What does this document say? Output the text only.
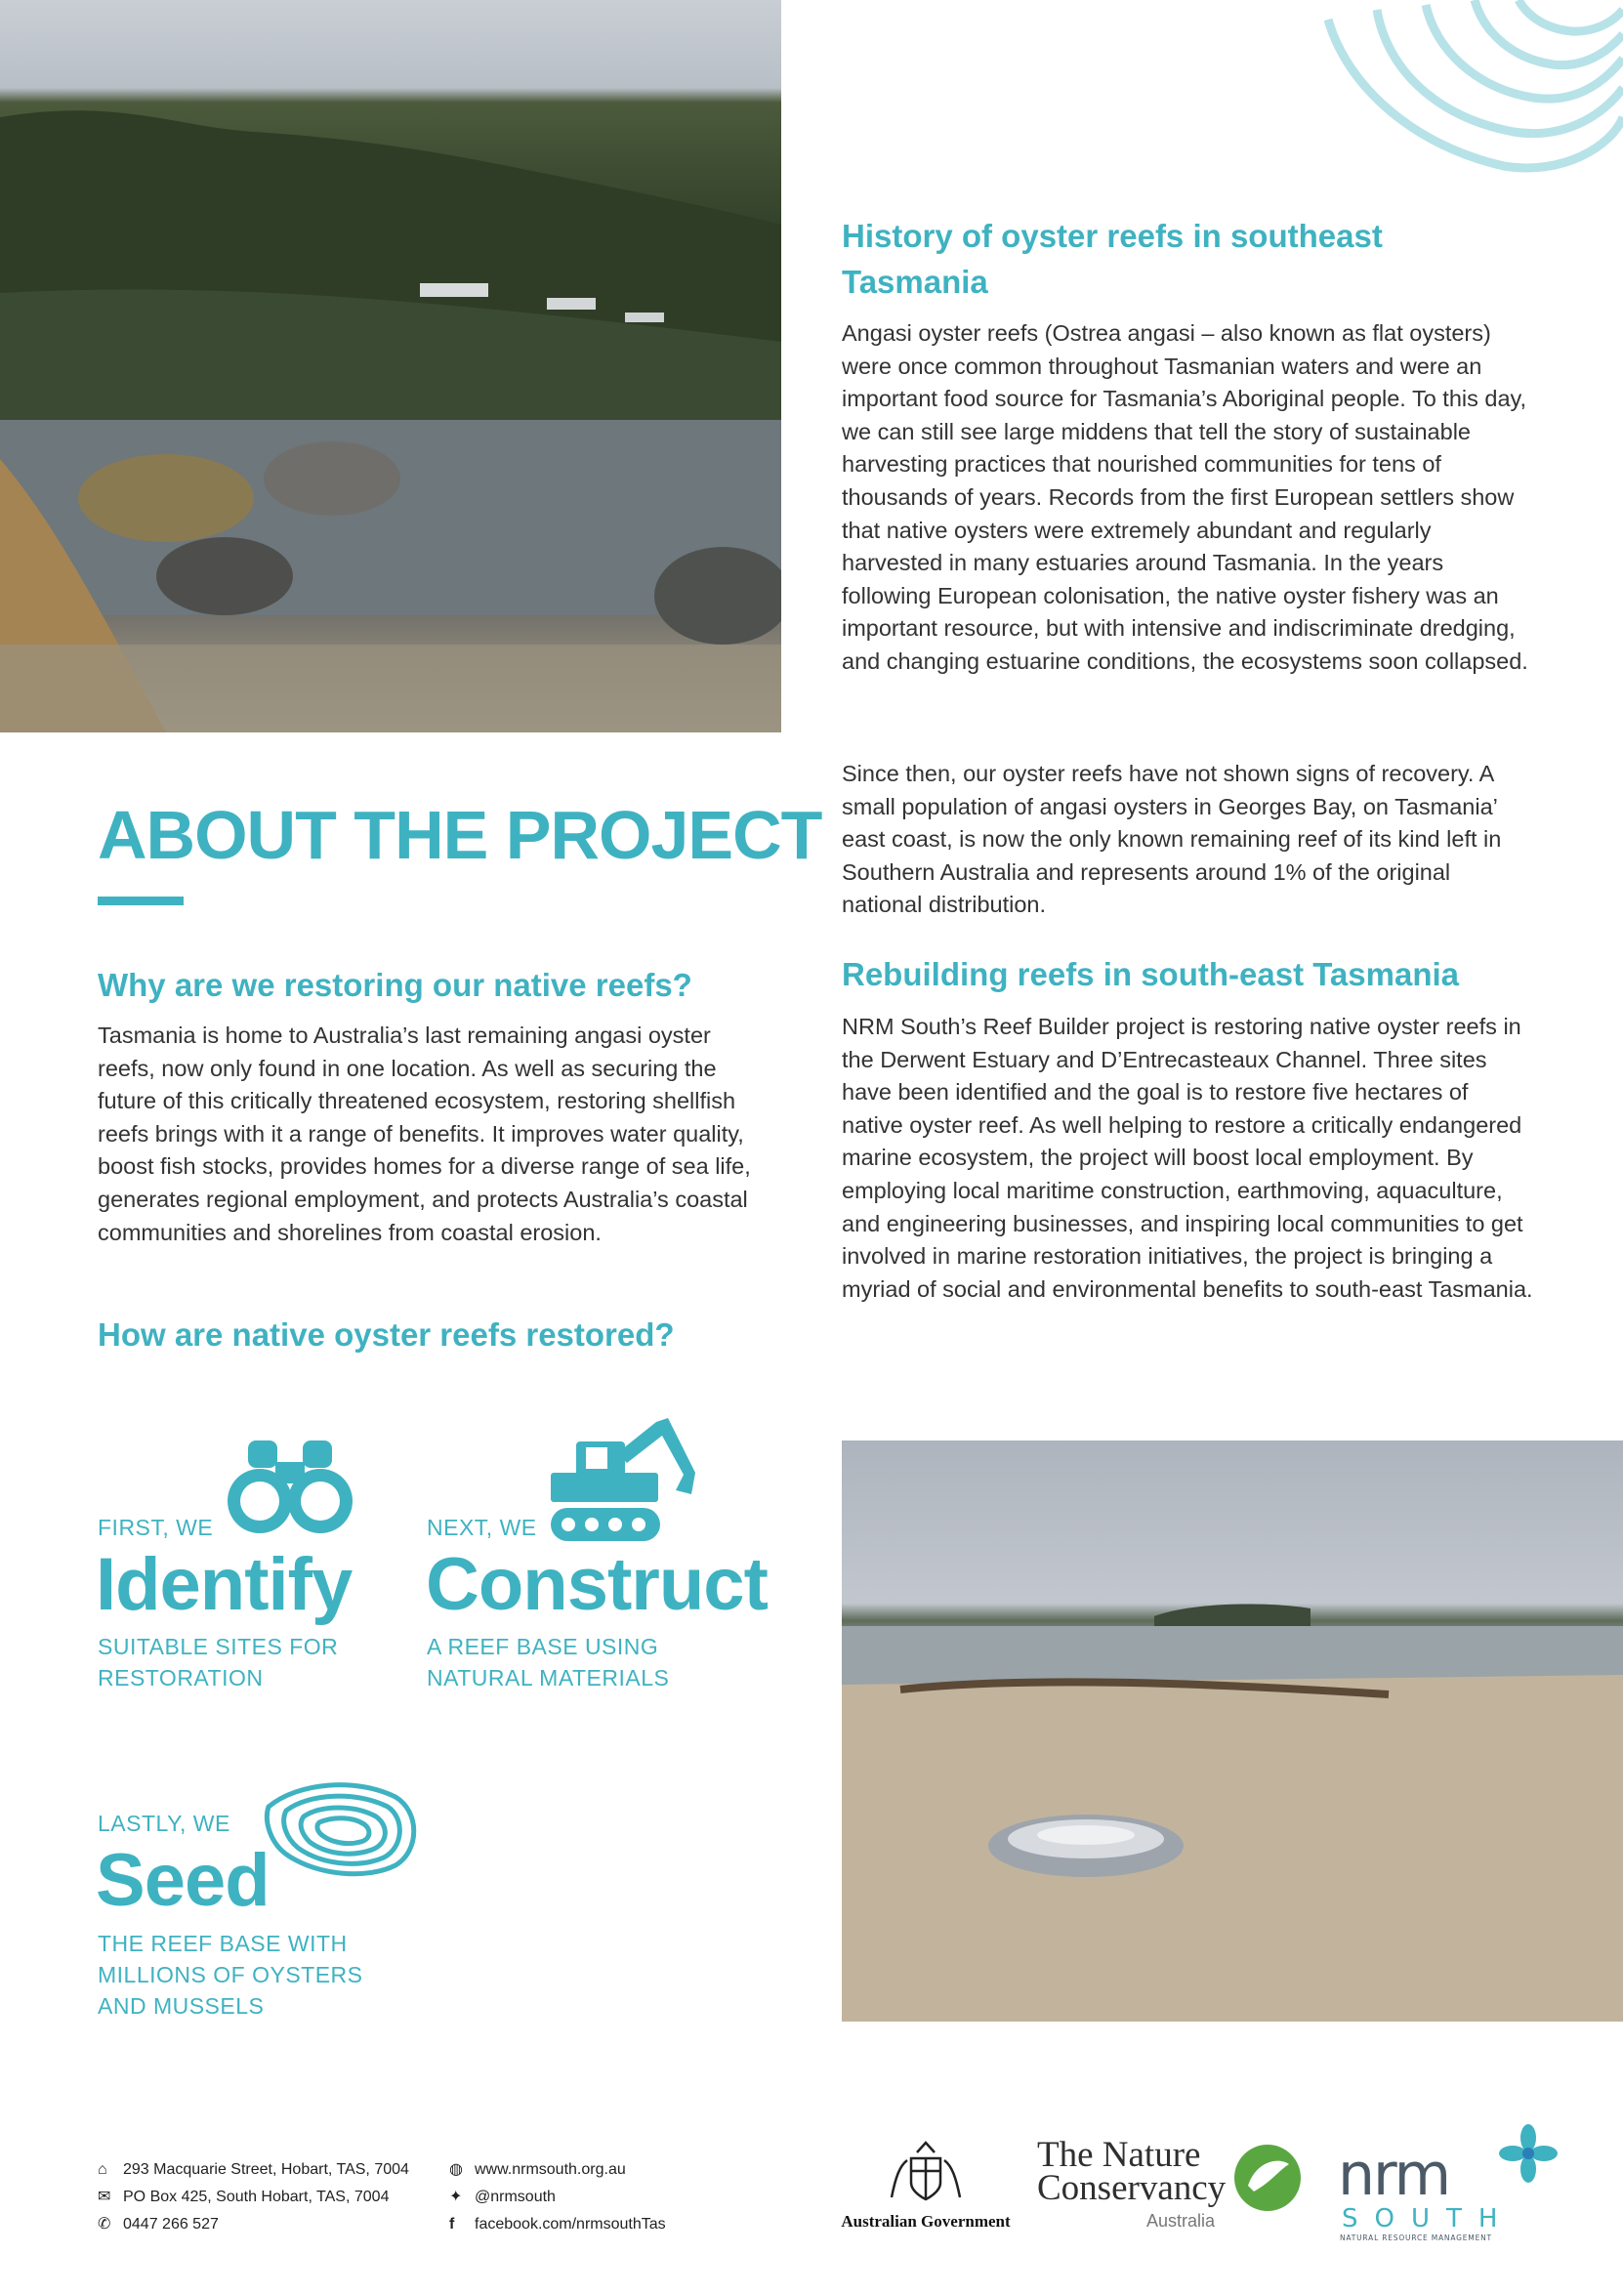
History of oyster reefs in southeast Tasmania

Angasi oyster reefs (Ostrea angasi – also known as flat oysters) were once common throughout Tasmanian waters and were an important food source for Tasmania’s Aboriginal people. To this day, we can still see large middens that tell the story of sustainable harvesting practices that nourished communities for tens of thousands of years. Records from the first European settlers show that native oysters were extremely abundant and regularly harvested in many estuaries around Tasmania. In the years following European colonisation, the native oyster fishery was an important resource, but with intensive and indiscriminate dredging, and changing estuarine conditions, the ecosystems soon collapsed.

Since then, our oyster reefs have not shown signs of recovery. A small population of angasi oysters in Georges Bay, on Tasmania’ east coast, is now the only known remaining reef of its kind left in Southern Australia and represents around 1% of the original national distribution.

Rebuilding reefs in south-east Tasmania

NRM South’s Reef Builder project is restoring native oyster reefs in the Derwent Estuary and D’Entrecasteaux Channel. Three sites have been identified and the goal is to restore five hectares of native oyster reef. As well helping to restore a critically endangered marine ecosystem, the project will boost local employment. By employing local maritime construction, earthmoving, aquaculture, and engineering businesses, and inspiring local communities to get involved in marine restoration initiatives, the project is bringing a myriad of social and environmental benefits to south-east Tasmania.

ABOUT THE PROJECT
Why are we restoring our native reefs?

Tasmania is home to Australia’s last remaining angasi oyster reefs, now only found in one location. As well as securing the future of this critically threatened ecosystem, restoring shellfish reefs brings with it a range of benefits. It improves water quality, boost fish stocks, provides homes for a diverse range of sea life, generates regional employment, and protects Australia’s coastal communities and shorelines from coastal erosion.

How are native oyster reefs restored?
FIRST, WE
Identify
SUITABLE SITES FOR
RESTORATION
NEXT, WE
Construct
A REEF BASE USING
NATURAL MATERIALS
LASTLY, WE
Seed
THE REEF BASE WITH
MILLIONS OF OYSTERS
AND MUSSELS
⌂	293 Macquarie Street, Hobart, TAS, 7004
✉ PO Box 425, South Hobart, TAS, 7004
✆ 0447 266 527
◍ www.nrmsouth.org.au
✦ @nrmsouth
f	facebook.com/nrmsouthTas	Australian Government
The Nature
Conservancy
Australia
nrm
SOUTH
NATURAL RESOURCE MANAGEMENT
